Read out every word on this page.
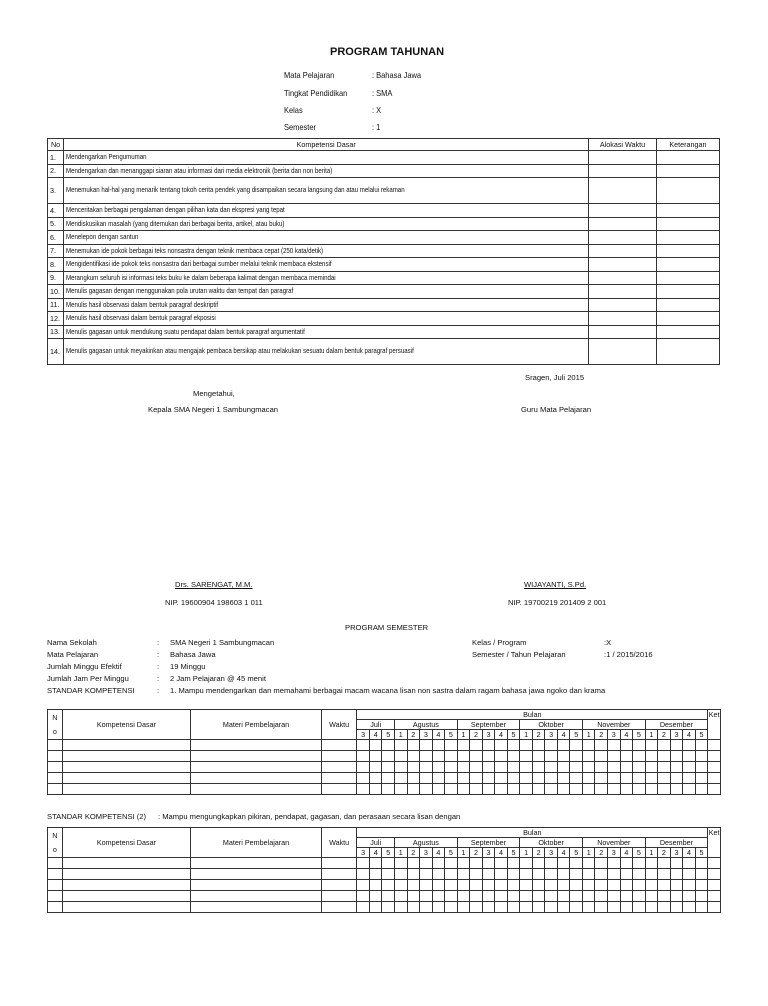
PROGRAM TAHUNAN
Mata Pelajaran	: Bahasa Jawa
Tingkat Pendidikan	: SMA
Kelas	: X
Semester	: 1
No	Kompetensi Dasar	Alokasi Waktu	Keterangan
1.	Mendengarkan Pengumuman		

2.	Mendengarkan dan menanggapi siaran atau informasi dari media elektronik (berita dan non berita)		

3.	Menemukan hal-hal yang menarik tentang tokoh cerita pendek yang disampaikan secara langsung dan atau melalui rekaman		

4.	Menceritakan berbagai pengalaman dengan pilihan kata dan ekspresi yang tepat		

5.	Mendiskusikan masalah (yang ditemukan dari berbagai berita, artikel, atau buku)		

6.	Menelepon dengan santun		

7.	Menemukan ide pokok berbagai teks nonsastra dengan teknik membaca cepat (250 kata/detik)		

8.	Mengidentifikasi ide pokok teks nonsastra dari berbagai sumber melalui teknik membaca ekstensif		

9.	Merangkum seluruh isi informasi teks buku ke dalam beberapa kalimat dengan membaca memindai		

10.	Menulis gagasan dengan menggunakan pola urutan waktu dan tempat dan paragraf		

11.	Menulis hasil observasi dalam bentuk paragraf deskriptif		

12.	Menulis hasil observasi dalam bentuk paragraf ekposisi		

13.	Menulis gagasan untuk mendukung suatu pendapat dalam bentuk paragraf argumentatif		

14.	Menulis gagasan untuk meyakinkan atau mengajak pembaca bersikap atau melakukan sesuatu dalam bentuk paragraf persuasif		

Sragen, Juli 2015
Mengetahui,
Kepala SMA Negeri 1 Sambungmacan	Guru Mata Pelajaran
Drs. SARENGAT, M.M.
NIP. 19600904 198603 1 011
WIJAYANTI, S.Pd.
NIP. 19700219 201409 2 001
PROGRAM SEMESTER
Nama Sekolah	: SMA Negeri 1 Sambungmacan
Mata Pelajaran	: Bahasa Jawa
Jumlah Minggu Efektif	: 19 Minggu
Jumlah Jam Per Minggu	: 2 Jam Pelajaran @ 45 menit
STANDAR KOMPETENSI	: 1. Mampu mendengarkan dan memahami berbagai macam wacana lisan non sastra dalam ragam bahasa jawa ngoko dan krama
Kelas / Program	:X
Semester / Tahun Pelajaran	:1 / 2015/2016
N
o	Kompetensi Dasar	Materi Pembelajaran	Waktu	Bulan																												Ket
				Juli			Agustus					September					Oktober					November					Desember					
				3	4	5	1	2	3	4	5	1	2	3	4	5	1	2	3	4	5	1	2	3	4	5	1	2	3	4	5	

STANDAR KOMPETENSI (2) : Mampu mengungkapkan pikiran, pendapat, gagasan, dan perasaan secara lisan dengan
N
o	Kompetensi Dasar	Materi Pembelajaran	Waktu	Bulan																												Ket
				Juli			Agustus					September					Oktober					November					Desember					
				3	4	5	1	2	3	4	5	1	2	3	4	5	1	2	3	4	5	1	2	3	4	5	1	2	3	4	5	
